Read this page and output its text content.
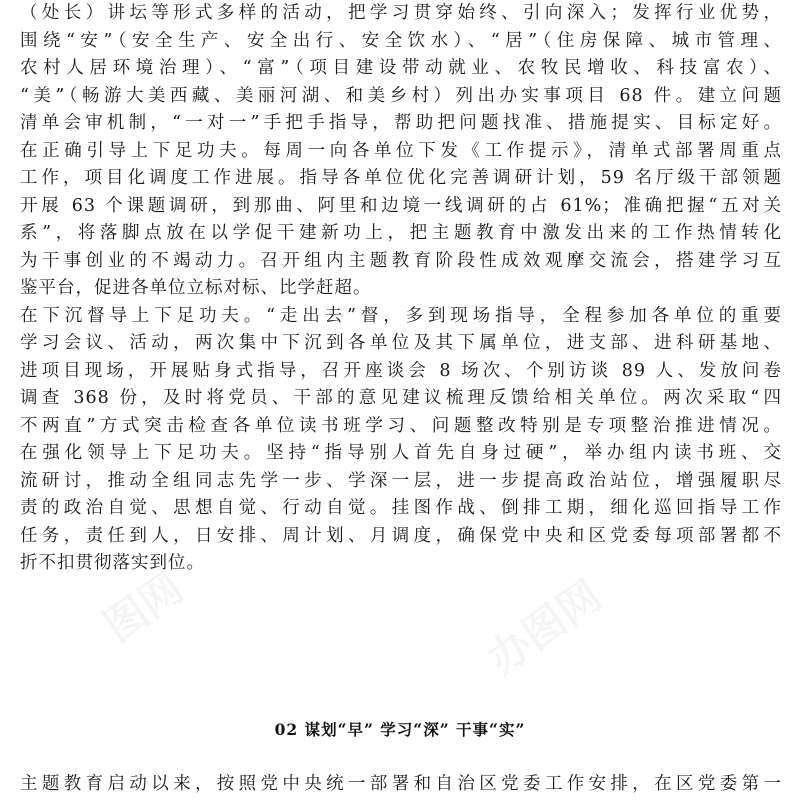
（处长）讲坛等形式多样的活动，把学习贯穿始终、引向深入；发挥行业优势，
围绕“安”（安全生产、安全出行、安全饮水）、“居”（住房保障、城市管理、
农村人居环境治理）、“富”（项目建设带动就业、农牧民增收、科技富农）、
“美”（畅游大美西藏、美丽河湖、和美乡村）列出办实事项目 68 件。建立问题
清单会审机制，“一对一”手把手指导，帮助把问题找准、措施提实、目标定好。
在正确引导上下足功夫。每周一向各单位下发《工作提示》，清单式部署周重点
工作，项目化调度工作进展。指导各单位优化完善调研计划，59 名厅级干部领题
开展 63 个课题调研，到那曲、阿里和边境一线调研的占 61%；准确把握“五对关
系”，将落脚点放在以学促干建新功上，把主题教育中激发出来的工作热情转化
为干事创业的不竭动力。召开组内主题教育阶段性成效观摩交流会，搭建学习互
鉴平台，促进各单位立标对标、比学赶超。
在下沉督导上下足功夫。“走出去”督，多到现场指导，全程参加各单位的重要
学习会议、活动，两次集中下沉到各单位及其下属单位，进支部、进科研基地、
进项目现场，开展贴身式指导，召开座谈会 8 场次、个别访谈 89 人、发放问卷
调查 368 份，及时将党员、干部的意见建议梳理反馈给相关单位。两次采取“四
不两直”方式突击检查各单位读书班学习、问题整改特别是专项整治推进情况。
在强化领导上下足功夫。坚持“指导别人首先自身过硬”，举办组内读书班、交
流研讨，推动全组同志先学一步、学深一层，进一步提高政治站位，增强履职尽
责的政治自觉、思想自觉、行动自觉。挂图作战、倒排工期，细化巡回指导工作
任务，责任到人，日安排、周计划、月调度，确保党中央和区党委每项部署都不
折不扣贯彻落实到位。
图网	办图网
02 谋划“早” 学习“深” 干事“实”
主题教育启动以来，按照党中央统一部署和自治区党委工作安排，在区党委第一
